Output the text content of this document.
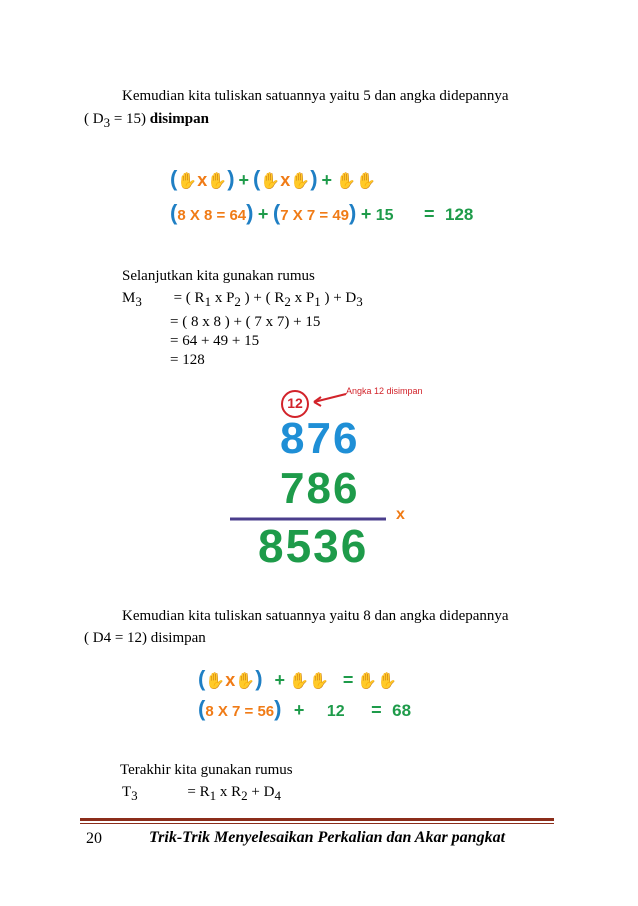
Kemudian kita tuliskan satuannya yaitu 5 dan angka didepannya
( D3 = 15) disimpan
(✋x✋) + (✋x✋) + ✋✋
(8 X 8 = 64) + (7 X 7 = 49) + 15 = 128
Selanjutkan kita gunakan rumus
M3 = ( R1 x P2 ) + ( R2 x P1 ) + D3
= ( 8 x 8 ) + ( 7 x 7) + 15
= 64 + 49 + 15
= 128
12
Angka 12 disimpan
876
786
x
8536
Kemudian kita tuliskan satuannya yaitu 8 dan angka didepannya
( D4 = 12) disimpan
(✋x✋) + ✋✋ = ✋✋
(8 X 7 = 56) + 12 = 68
Terakhir kita gunakan rumus
T3	= R1 x R2 + D4
20	Trik-Trik Menyelesaikan Perkalian dan Akar pangkat
